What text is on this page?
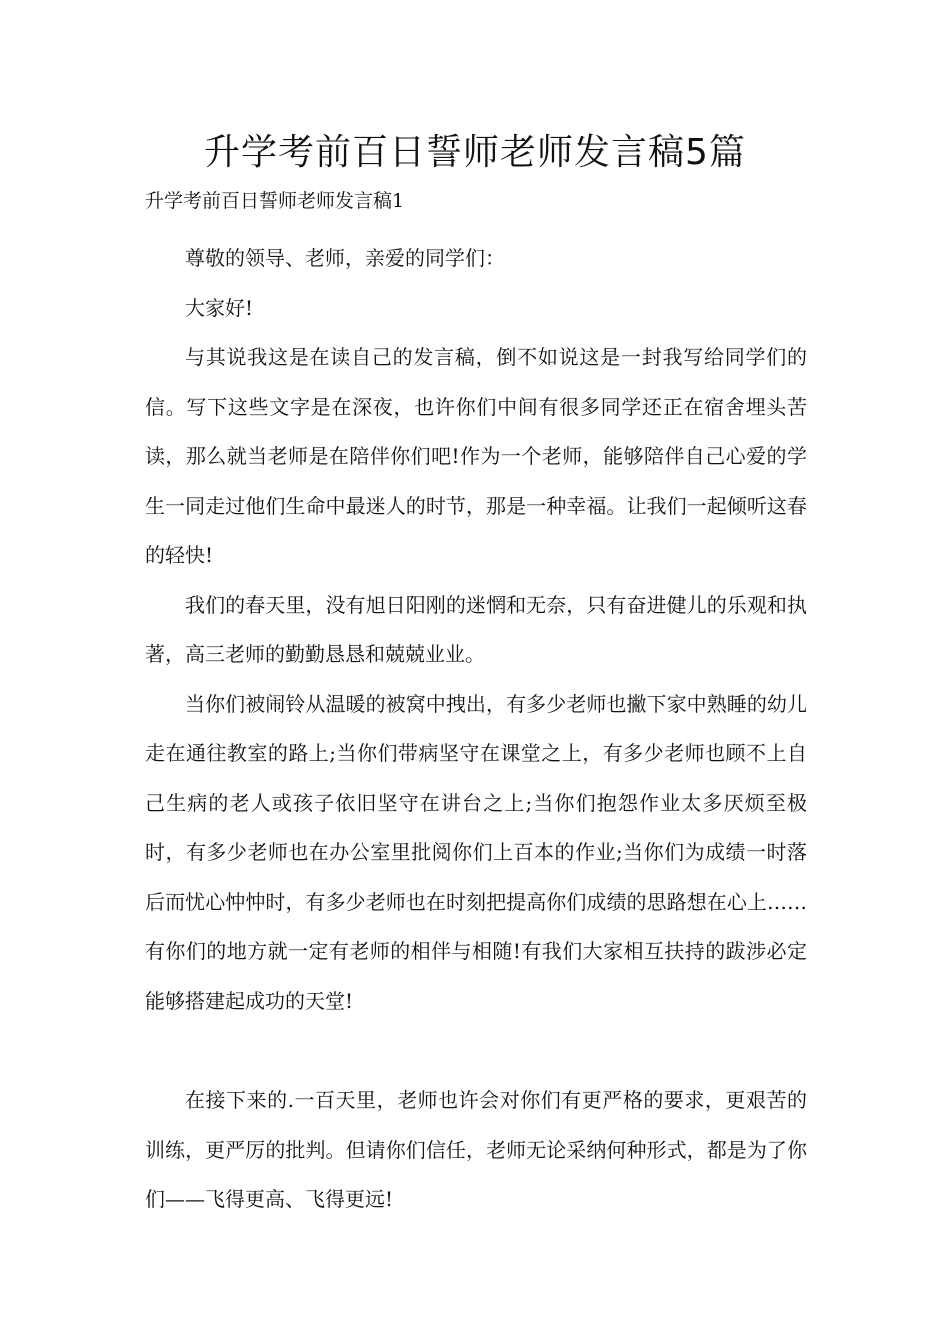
升学考前百日誓师老师发言稿5篇

升学考前百日誓师老师发言稿1

尊敬的领导、老师，亲爱的同学们：

大家好!

与其说我这是在读自己的发言稿，倒不如说这是一封我写给同学们的信。写下这些文字是在深夜，也许你们中间有很多同学还正在宿舍埋头苦读，那么就当老师是在陪伴你们吧!作为一个老师，能够陪伴自己心爱的学生一同走过他们生命中最迷人的时节，那是一种幸福。让我们一起倾听这春的轻快!

我们的春天里，没有旭日阳刚的迷惘和无奈，只有奋进健儿的乐观和执著，高三老师的勤勤恳恳和兢兢业业。

当你们被闹铃从温暖的被窝中拽出，有多少老师也撇下家中熟睡的幼儿走在通往教室的路上;当你们带病坚守在课堂之上，有多少老师也顾不上自己生病的老人或孩子依旧坚守在讲台之上;当你们抱怨作业太多厌烦至极时，有多少老师也在办公室里批阅你们上百本的作业;当你们为成绩一时落后而忧心忡忡时，有多少老师也在时刻把提高你们成绩的思路想在心上……有你们的地方就一定有老师的相伴与相随!有我们大家相互扶持的跋涉必定能够搭建起成功的天堂!

在接下来的.一百天里，老师也许会对你们有更严格的要求，更艰苦的训练，更严厉的批判。但请你们信任，老师无论采纳何种形式，都是为了你们——飞得更高、飞得更远!
